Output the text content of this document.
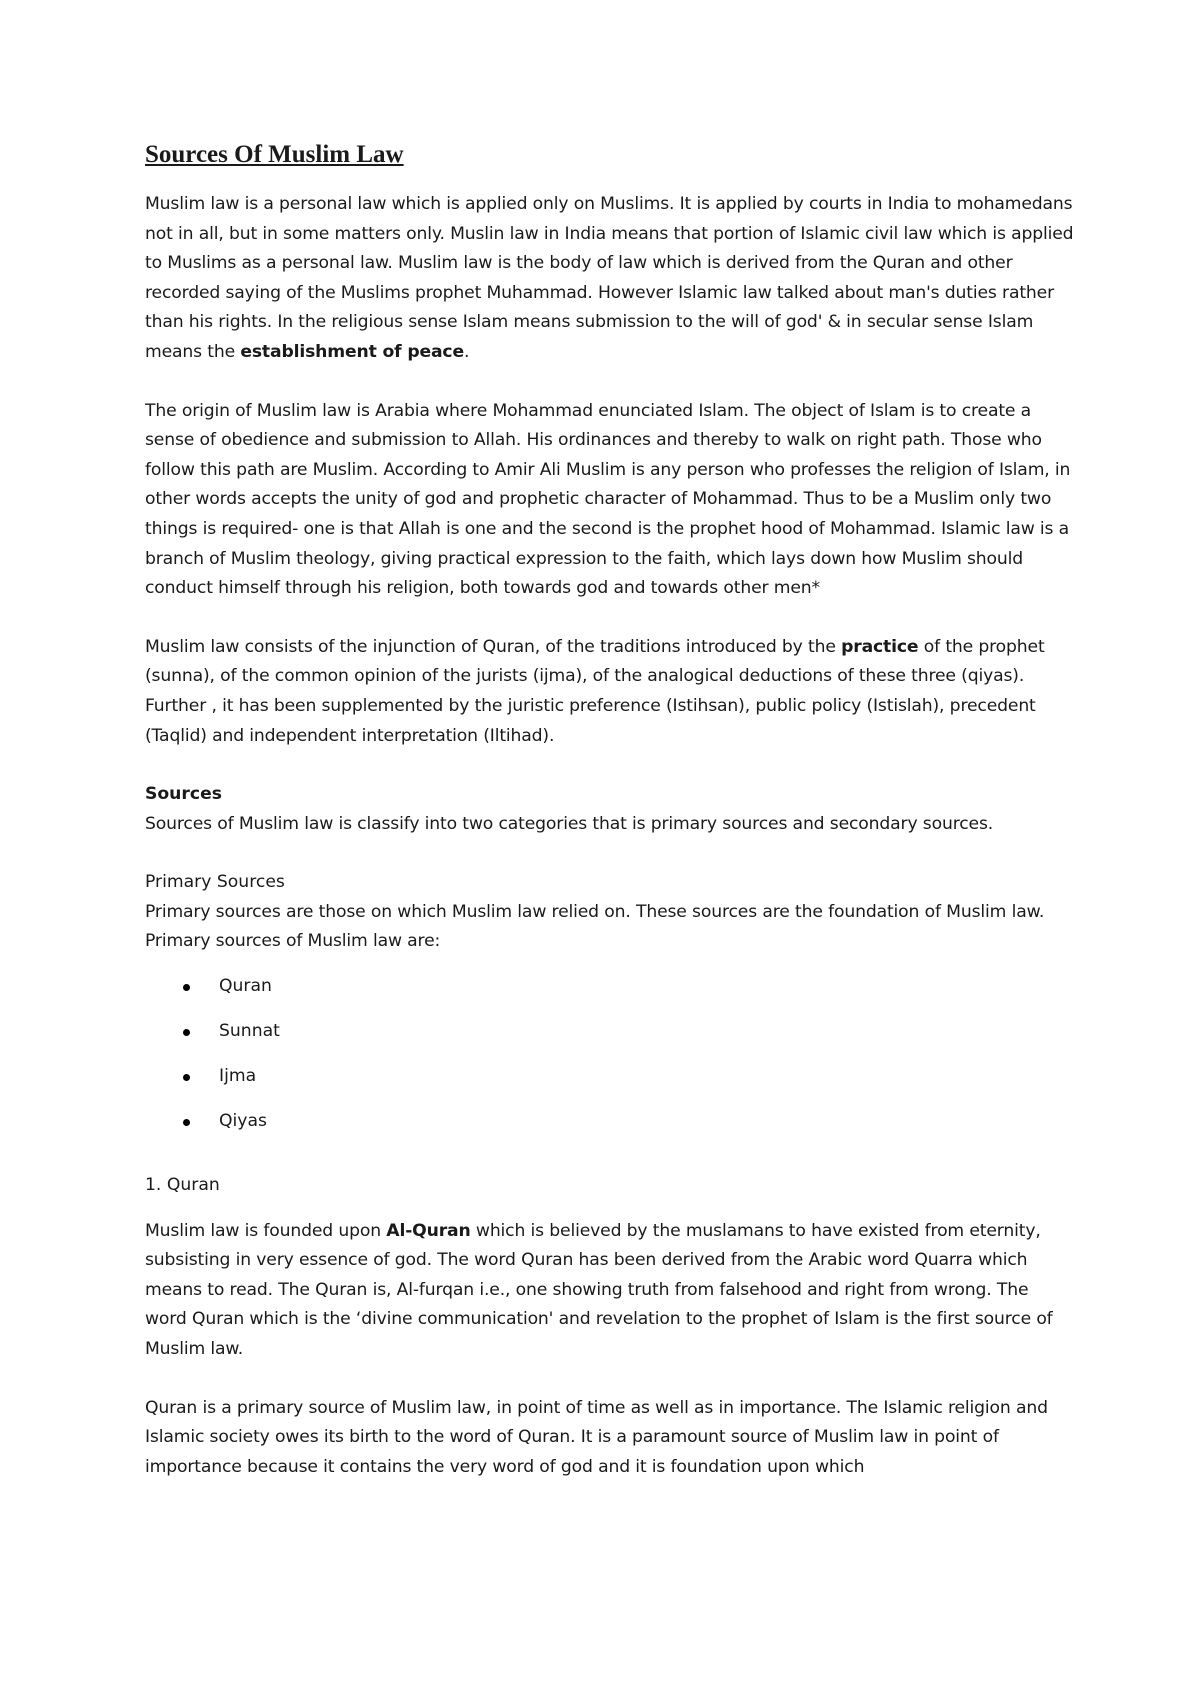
Sources Of Muslim Law

Muslim law is a personal law which is applied only on Muslims. It is applied by courts in India to mohamedans not in all, but in some matters only. Muslin law in India means that portion of Islamic civil law which is applied to Muslims as a personal law. Muslim law is the body of law which is derived from the Quran and other recorded saying of the Muslims prophet Muhammad. However Islamic law talked about man's duties rather than his rights. In the religious sense Islam means submission to the will of god' & in secular sense Islam means the establishment of peace.

The origin of Muslim law is Arabia where Mohammad enunciated Islam. The object of Islam is to create a sense of obedience and submission to Allah. His ordinances and thereby to walk on right path. Those who follow this path are Muslim. According to Amir Ali Muslim is any person who professes the religion of Islam, in other words accepts the unity of god and prophetic character of Mohammad. Thus to be a Muslim only two things is required- one is that Allah is one and the second is the prophet hood of Mohammad. Islamic law is a branch of Muslim theology, giving practical expression to the faith, which lays down how Muslim should conduct himself through his religion, both towards god and towards other men*

Muslim law consists of the injunction of Quran, of the traditions introduced by the practice of the prophet (sunna), of the common opinion of the jurists (ijma), of the analogical deductions of these three (qiyas). Further , it has been supplemented by the juristic preference (Istihsan), public policy (Istislah), precedent (Taqlid) and independent interpretation (Iltihad).

Sources

Sources of Muslim law is classify into two categories that is primary sources and secondary sources.

Primary Sources

Primary sources are those on which Muslim law relied on. These sources are the foundation of Muslim law. Primary sources of Muslim law are:

Quran
Sunnat
Ijma
Qiyas
1. Quran

Muslim law is founded upon Al-Quran which is believed by the muslamans to have existed from eternity, subsisting in very essence of god. The word Quran has been derived from the Arabic word Quarra which means to read. The Quran is, Al-furqan i.e., one showing truth from falsehood and right from wrong. The word Quran which is the ‘divine communication' and revelation to the prophet of Islam is the first source of Muslim law.

Quran is a primary source of Muslim law, in point of time as well as in importance. The Islamic religion and Islamic society owes its birth to the word of Quran. It is a paramount source of Muslim law in point of importance because it contains the very word of god and it is foundation upon which
